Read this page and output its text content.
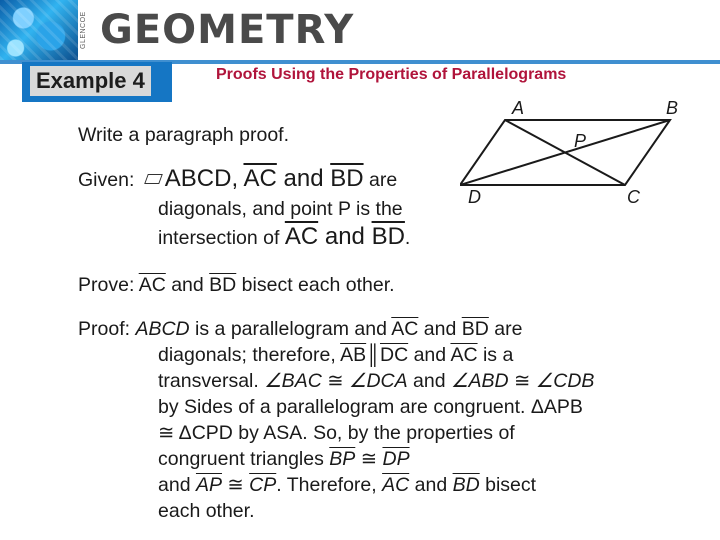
GLENCOE GEOMETRY
Example 4	Proofs Using the Properties of Parallelograms
Write a paragraph proof.
Given: ABCD, $\overline{AC}$ and $\overline{BD}$ are
diagonals, and point P is the
intersection of $\overline{AC}$ and $\overline{BD}$.
Prove: $\overline{AC}$ and $\overline{BD}$ bisect each other.
Proof: ABCD is a parallelogram and $\overline{AC}$ and $\overline{BD}$ are
diagonals; therefore, $\overline{AB}║\overline{DC}$ and $\overline{AC}$ is a
transversal. ∠BAC ≅ ∠DCA and ∠ABD ≅ ∠CDB
by Sides of a parallelogram are congruent. ΔAPB
≅ ΔCPD by ASA. So, by the properties of
congruent triangles $\overline{BP}$ ≅ $\overline{DP}$
and $\overline{AP}$ ≅ $\overline{CP}$. Therefore, $\overline{AC}$ and $\overline{BD}$ bisect
each other.
A	B
C
D
P
